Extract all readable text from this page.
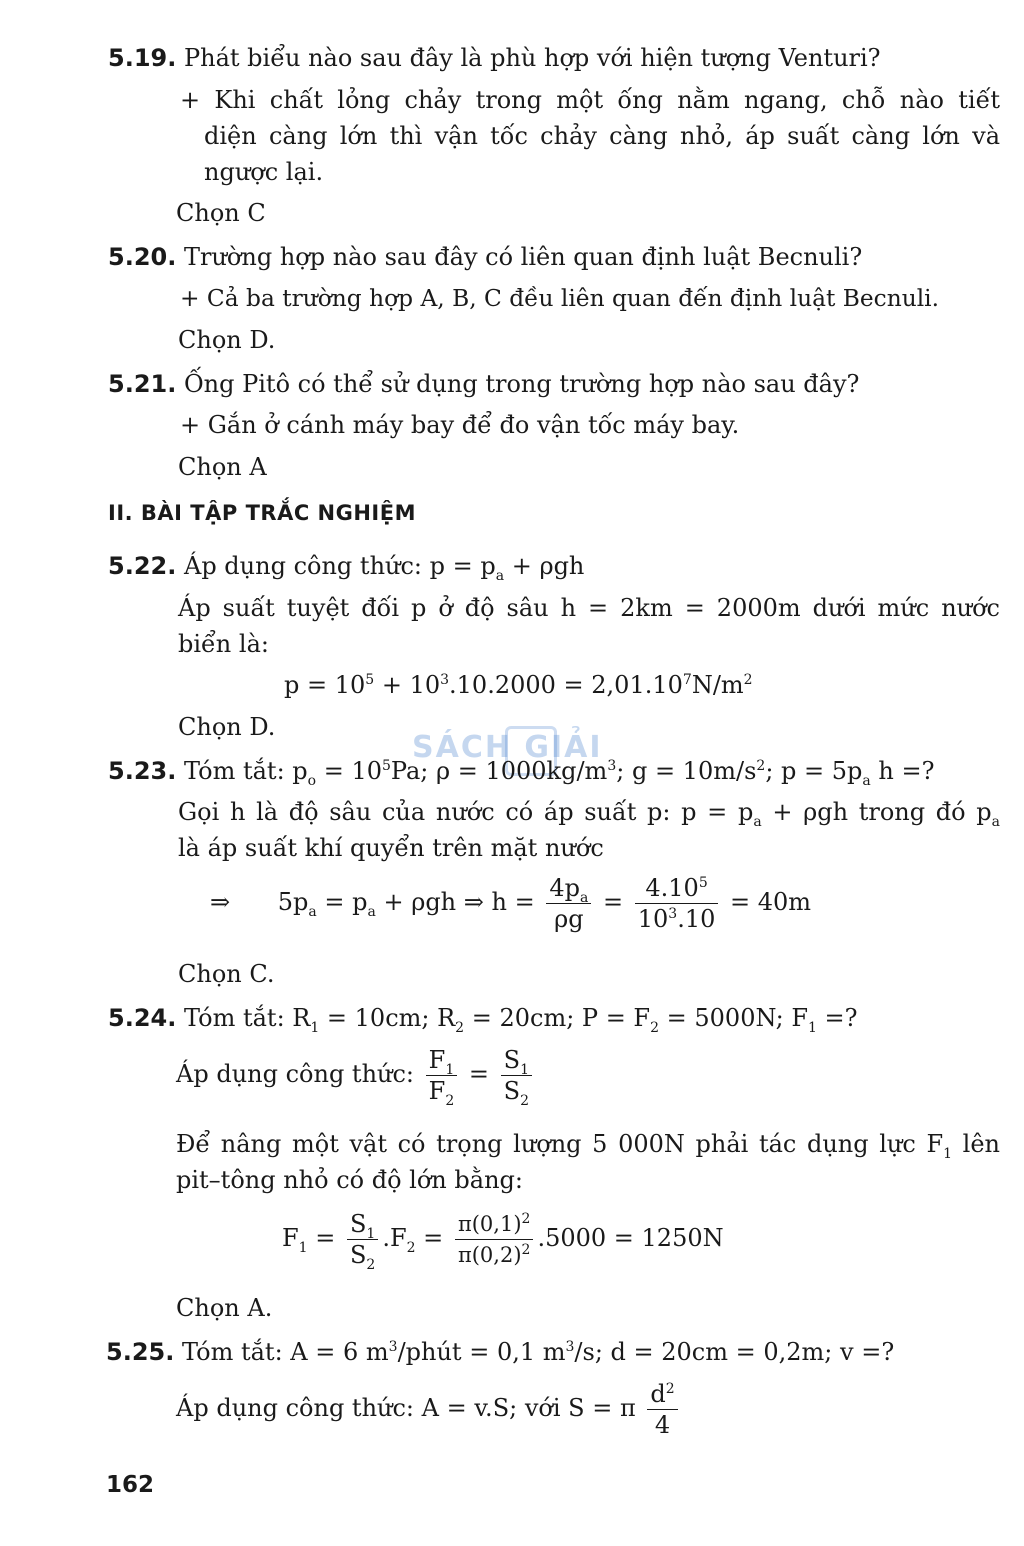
5.19. Phát biểu nào sau đây là phù hợp với hiện tượng Venturi?
+ Khi chất lỏng chảy trong một ống nằm ngang, chỗ nào tiết
diện càng lớn thì vận tốc chảy càng nhỏ, áp suất càng lớn và
ngược lại.
Chọn C
5.20. Trường hợp nào sau đây có liên quan định luật Becnuli?
+ Cả ba trường hợp A, B, C đều liên quan đến định luật Becnuli.
Chọn D.
5.21. Ống Pitô có thể sử dụng trong trường hợp nào sau đây?
+ Gắn ở cánh máy bay để đo vận tốc máy bay.
Chọn A
II. BÀI TẬP TRẮC NGHIỆM
5.22. Áp dụng công thức: $p = p_a + \rho gh$
Áp suất tuyệt đối p ở độ sâu h = 2km = 2000m dưới mức nước
biển là:
$p = 10^5 + 10^3.10.2000 = 2,01.10^7N/m^2$
Chọn D.
SÁCH GIẢI
5.23. Tóm tắt: $p_o = 10^5Pa$; $\rho = 1000kg/m^3$; $g = 10m/s^2$; $p = 5p_a$ h =?
Gọi h là độ sâu của nước có áp suất p: $p = p_a + \rho gh$ trong đó $p_a$
là áp suất khí quyển trên mặt nước
⇒ $5p_a = p_a + \rho gh$ ⇒ $h = \frac{4p_a}{\rho g} = \frac{4.10^5}{10^3.10} = 40m$
Chọn C.
5.24. Tóm tắt: $R_1 = 10cm$; $R_2 = 20cm$; $P = F_2 = 5000N$; $F_1$ =?
Áp dụng công thức: $\frac{F_1}{F_2} = \frac{S_1}{S_2}$
Để nâng một vật có trọng lượng 5 000N phải tác dụng lực $F_1$ lên
pit–tông nhỏ có độ lớn bằng:
$F_1 = \frac{S_1}{S_2} .F_2 = \frac{\pi(0,1)^2}{\pi(0,2)^2} .5000 = 1250N$
Chọn A.
5.25. Tóm tắt: A = 6 $m^3$/phút = 0,1 $m^3/s$; d = 20cm = 0,2m; v =?
Áp dụng công thức: A = v.S; với S = π $\frac{d^2}{4}$
162
